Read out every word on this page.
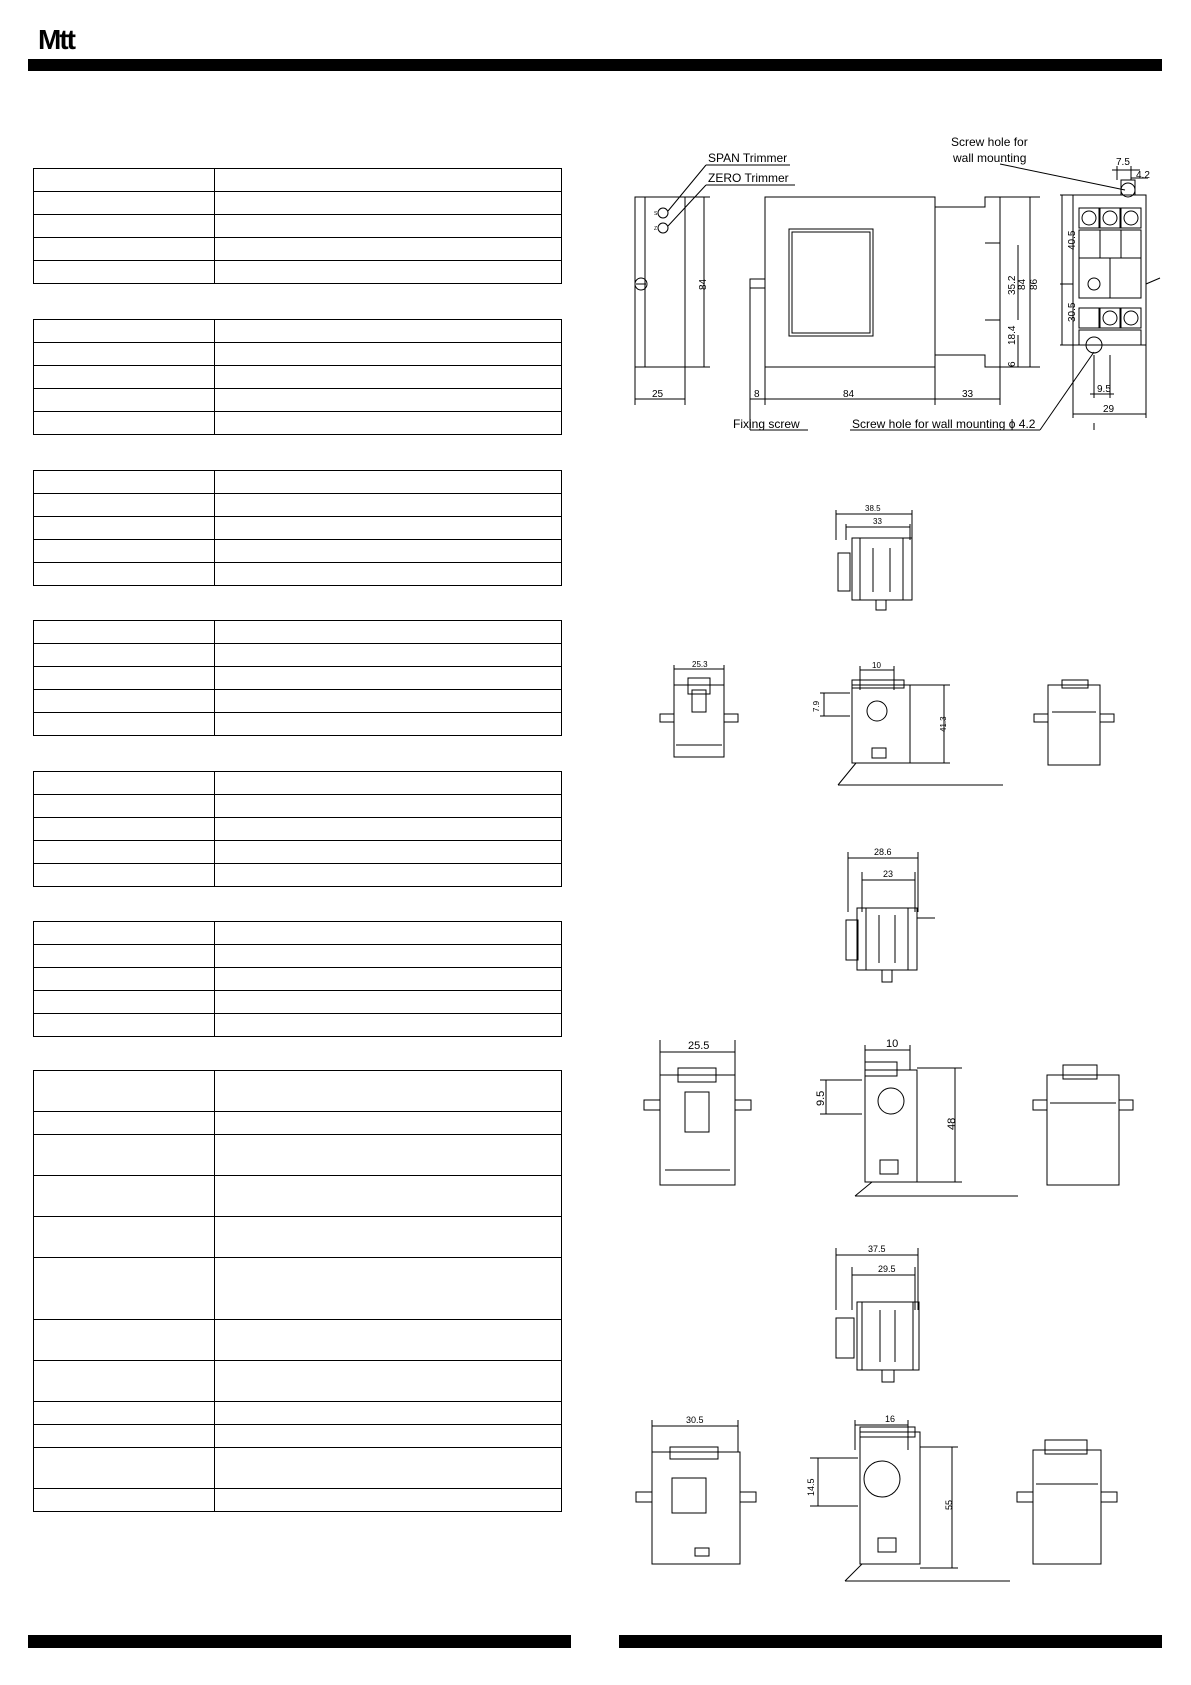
Mtt

S
Z
84
25
SPAN Trimmer
ZERO Trimmer
84 86
35.2
18.4
6
8	84	33
Fixing screw
40.5
30.5
7.5
4.2
9.5
29
Screw hole for
wall mounting
Screw hole for wall mounting ϕ 4.2
38.5
33
25.3	10
7.9
41.3
28.6
23
25.5	10
9.5
48
37.5
29.5
30.5	16
14.5
55
